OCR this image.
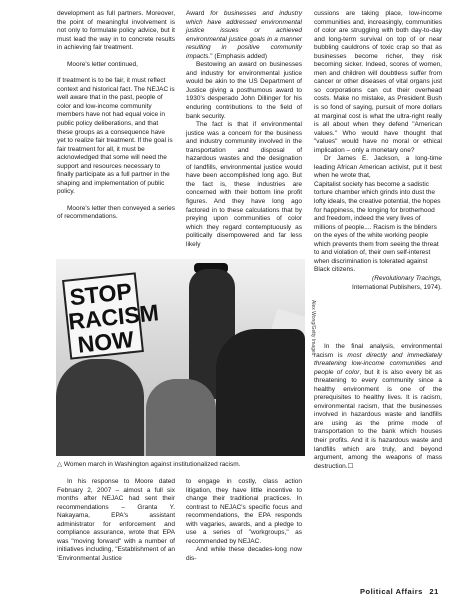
development as full partners. Moreover, the point of meaningful involvement is not only to formulate policy advice, but it must lead the way in to concrete results in achieving fair treatment.

Moore's letter continued,

If treatment is to be fair, it must reflect context and historical fact. The NEJAC is well aware that in the past, people of color and low-income community members have not had equal voice in public policy deliberations, and that these groups as a consequence have yet to realize fair treatment. If the goal is fair treatment for all, it must be acknowledged that some will need the support and resources necessary to finally participate as a full partner in the shaping and implementation of public policy.

Moore's letter then conveyed a series of recommendations.

Award for businesses and industry which have addressed environmental justice issues or achieved environmental justice goals in a manner resulting in positive community impacts." (Emphasis added)

Bestowing an award on businesses and industry for environmental justice would be akin to the US Department of Justice giving a posthumous award to 1930's desperado John Dillinger for his enduring contributions to the field of bank security.

The fact is that if environmental justice was a concern for the business and industry community involved in the transportation and disposal of hazardous wastes and the designation of landfills, environmental justice would have been accomplished long ago. But the fact is, these industries are concerned with their bottom line profit figures. And they have long ago factored in to these calculations that by preying upon communities of color which they regard contemptuously as politically disempowered and far less likely

cussions are taking place, low-income communities and, increasingly, communities of color are struggling with both day-to-day and long-term survival on top of or near bubbling cauldrons of toxic crap so that as businesses become richer, they risk becoming sicker. Indeed, scores of women, men and children will doubtless suffer from cancer or other diseases of vital organs just so corporations can cut their overhead costs. Make no mistake, as President Bush is so fond of saying, pursuit of more dollars at marginal cost is what the ultra-right really is all about when they defend "American values." Who would have thought that "values" would have no moral or ethical implication – only a monetary one?

Dr James E. Jackson, a long-time leading African American activist, put it best when he wrote that,

Capitalist society has become a sadistic torture chamber which grinds into dust the lofty ideals, the creative potential, the hopes for happiness, the longing for brotherhood and freedom, indeed the very lives of millions of people.... Racism is the blinders on the eyes of the white working people which prevents them from seeing the threat to and violation of, their own self-interest when discrimination is tolerated against Black citizens.

(Revolutionary Tracings,
International Publishers, 1974).

In the final analysis, environmental racism is most directly and immediately threatening low-income communities and people of color, but it is also every bit as threatening to every community since a healthy environment is one of the prerequisites to healthy lives. It is racism, environmental racism, that the businesses involved in hazardous waste and landfills are using as the prime mode of transportation to the bank which houses their profits. And it is hazardous waste and landfills which are truly, and beyond argument, among the weapons of mass destruction.☐

STOP RACISM NOW	Alex Wong/Getty Images
△ Women march in Washington against institutionalized racism.

In his response to Moore dated February 2, 2007 – almost a full six months after NEJAC had sent their recommendations – Granta Y. Nakayama, EPA's assistant administrator for enforcement and compliance assurance, wrote that EPA was "moving forward" with a number of initiatives including, "Establishment of an 'Environmental Justice

to engage in costly, class action litigation, they have little incentive to change their traditional practices. In contrast to NEJAC's specific focus and recommendations, the EPA responds with vagaries, awards, and a pledge to use a series of "workgroups," as recommended by NEJAC.

And while these decades-long now dis-

Political Affairs 21
